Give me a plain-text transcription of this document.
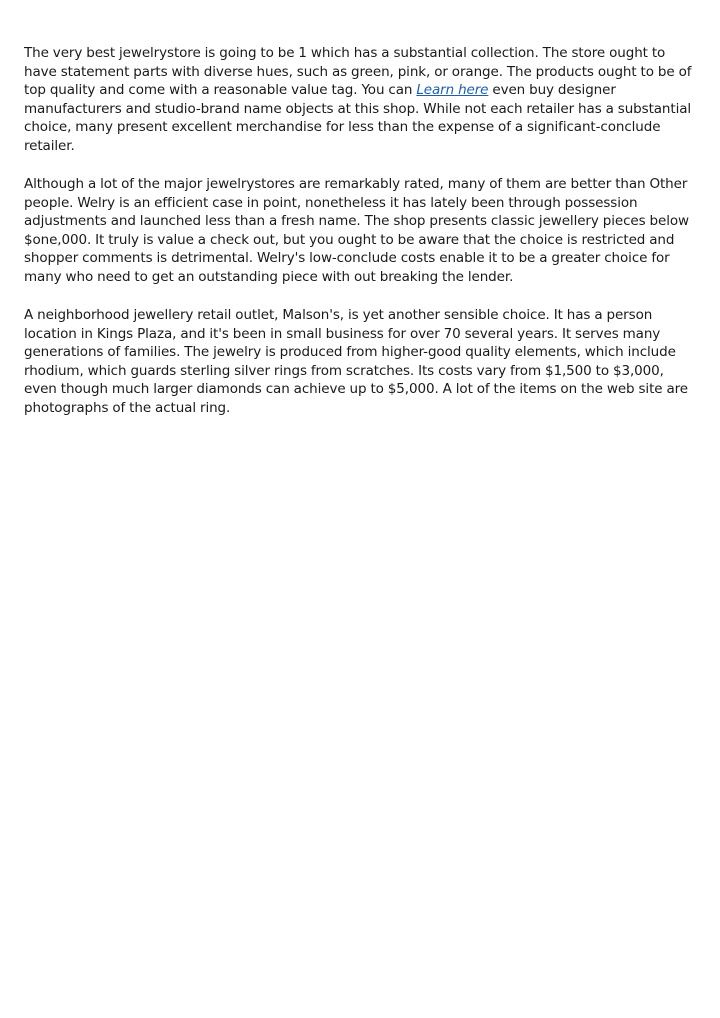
The very best jewelrystore is going to be 1 which has a substantial collection. The store ought to have statement parts with diverse hues, such as green, pink, or orange. The products ought to be of top quality and come with a reasonable value tag. You can Learn here even buy designer manufacturers and studio-brand name objects at this shop. While not each retailer has a substantial choice, many present excellent merchandise for less than the expense of a significant-conclude retailer.

Although a lot of the major jewelrystores are remarkably rated, many of them are better than Other people. Welry is an efficient case in point, nonetheless it has lately been through possession adjustments and launched less than a fresh name. The shop presents classic jewellery pieces below $one,000. It truly is value a check out, but you ought to be aware that the choice is restricted and shopper comments is detrimental. Welry's low-conclude costs enable it to be a greater choice for many who need to get an outstanding piece with out breaking the lender.

A neighborhood jewellery retail outlet, Malson's, is yet another sensible choice. It has a person location in Kings Plaza, and it's been in small business for over 70 several years. It serves many generations of families. The jewelry is produced from higher-good quality elements, which include rhodium, which guards sterling silver rings from scratches. Its costs vary from $1,500 to $3,000, even though much larger diamonds can achieve up to $5,000. A lot of the items on the web site are photographs of the actual ring.
